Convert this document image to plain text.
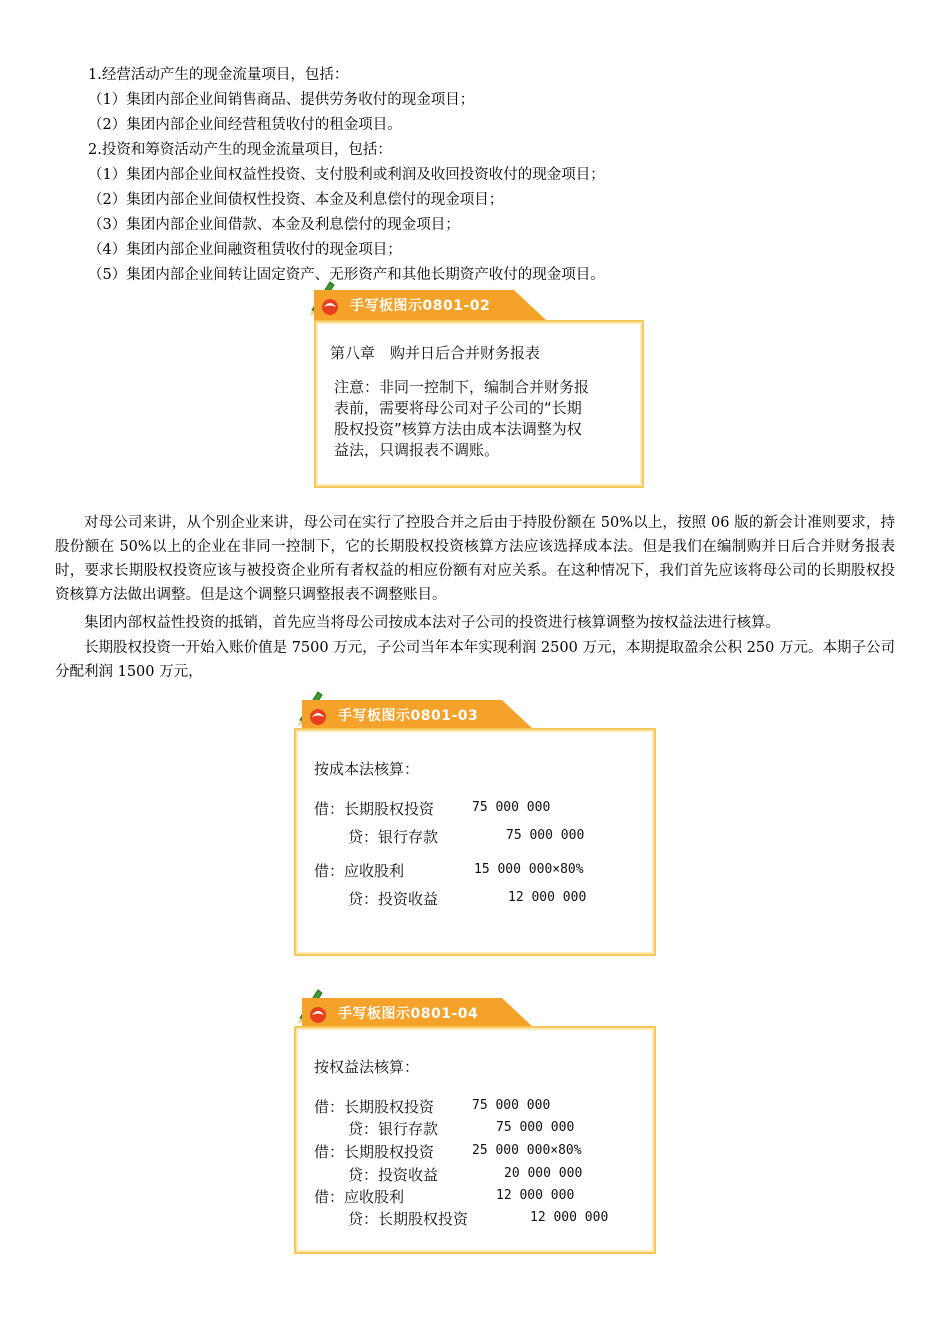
1.经营活动产生的现金流量项目，包括：
（1）集团内部企业间销售商品、提供劳务收付的现金项目；
（2）集团内部企业间经营租赁收付的租金项目。
2.投资和筹资活动产生的现金流量项目，包括：
（1）集团内部企业间权益性投资、支付股利或利润及收回投资收付的现金项目；
（2）集团内部企业间债权性投资、本金及利息偿付的现金项目；
（3）集团内部企业间借款、本金及利息偿付的现金项目；
（4）集团内部企业间融资租赁收付的现金项目；
（5）集团内部企业间转让固定资产、无形资产和其他长期资产收付的现金项目。
手写板图示0801-02
第八章　购并日后合并财务报表
注意：非同一控制下，编制合并财务报
表前，需要将母公司对子公司的“长期
股权投资”核算方法由成本法调整为权
益法，只调报表不调账。
对母公司来讲，从个别企业来讲，母公司在实行了控股合并之后由于持股份额在 50%以上，按照 06 版的新会计准则要求，持股份额在 50%以上的企业在非同一控制下，它的长期股权投资核算方法应该选择成本法。但是我们在编制购并日后合并财务报表时，要求长期股权投资应该与被投资企业所有者权益的相应份额有对应关系。在这种情况下，我们首先应该将母公司的长期股权投资核算方法做出调整。但是这个调整只调整报表不调整账目。
集团内部权益性投资的抵销，首先应当将母公司按成本法对子公司的投资进行核算调整为按权益法进行核算。
长期股权投资一开始入账价值是 7500 万元，子公司当年本年实现利润 2500 万元，本期提取盈余公积 250 万元。本期子公司分配利润 1500 万元，
手写板图示0801-03
按成本法核算：
借：长期股权投资	75 000 000
贷：银行存款	75 000 000
借：应收股利	15 000 000×80%
贷：投资收益	12 000 000
手写板图示0801-04
按权益法核算：
借：长期股权投资	75 000 000
贷：银行存款	75 000 000
借：长期股权投资	25 000 000×80%
贷：投资收益	20 000 000
借：应收股利	12 000 000
贷：长期股权投资	12 000 000
